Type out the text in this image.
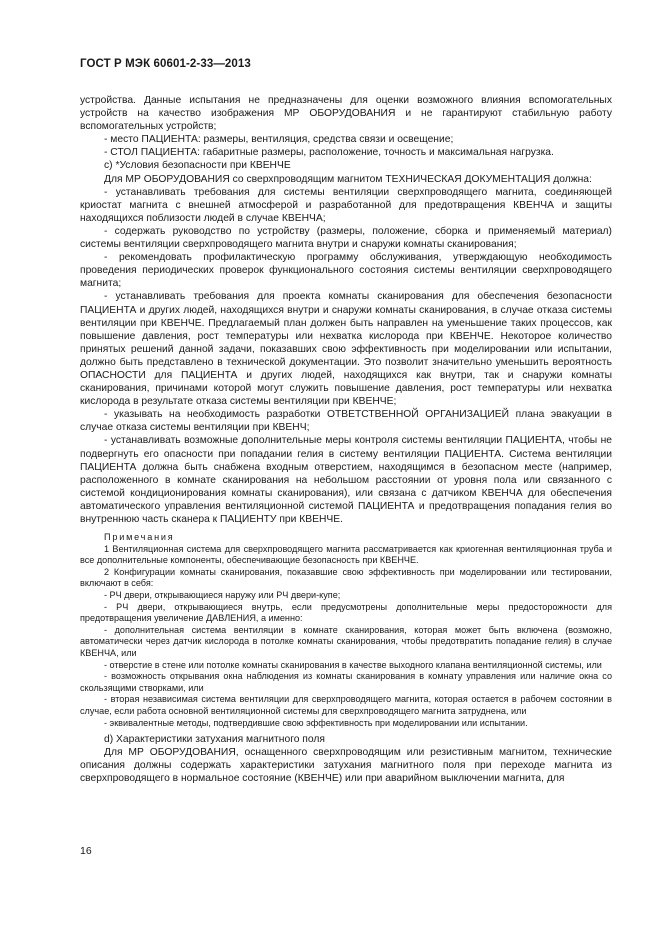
ГОСТ Р МЭК 60601-2-33—2013

устройства. Данные испытания не предназначены для оценки возможного влияния вспомогательных устройств на качество изображения МР ОБОРУДОВАНИЯ и не гарантируют стабильную работу вспомогательных устройств;

- место ПАЦИЕНТА: размеры, вентиляция, средства связи и освещение;

- СТОЛ ПАЦИЕНТА: габаритные размеры, расположение, точность и максимальная нагрузка.

c) *Условия безопасности при КВЕНЧЕ

Для МР ОБОРУДОВАНИЯ со сверхпроводящим магнитом ТЕХНИЧЕСКАЯ ДОКУМЕНТАЦИЯ должна:

- устанавливать требования для системы вентиляции сверхпроводящего магнита, соединяющей криостат магнита с внешней атмосферой и разработанной для предотвращения КВЕНЧА и защиты находящихся поблизости людей в случае КВЕНЧА;

- содержать руководство по устройству (размеры, положение, сборка и применяемый материал) системы вентиляции сверхпроводящего магнита внутри и снаружи комнаты сканирования;

- рекомендовать профилактическую программу обслуживания, утверждающую необходимость проведения периодических проверок функционального состояния системы вентиляции сверхпроводящего магнита;

- устанавливать требования для проекта комнаты сканирования для обеспечения безопасности ПАЦИЕНТА и других людей, находящихся внутри и снаружи комнаты сканирования, в случае отказа системы вентиляции при КВЕНЧЕ. Предлагаемый план должен быть направлен на уменьшение таких процессов, как повышение давления, рост температуры или нехватка кислорода при КВЕНЧЕ. Некоторое количество принятых решений данной задачи, показавших свою эффективность при моделировании или испытании, должно быть представлено в технической документации. Это позволит значительно уменьшить вероятность ОПАСНОСТИ для ПАЦИЕНТА и других людей, находящихся как внутри, так и снаружи комнаты сканирования, причинами которой могут служить повышение давления, рост температуры или нехватка кислорода в результате отказа системы вентиляции при КВЕНЧЕ;

- указывать на необходимость разработки ОТВЕТСТВЕННОЙ ОРГАНИЗАЦИЕЙ плана эвакуации в случае отказа системы вентиляции при КВЕНЧ;

- устанавливать возможные дополнительные меры контроля системы вентиляции ПАЦИЕНТА, чтобы не подвергнуть его опасности при попадании гелия в систему вентиляции ПАЦИЕНТА. Система вентиляции ПАЦИЕНТА должна быть снабжена входным отверстием, находящимся в безопасном месте (например, расположенного в комнате сканирования на небольшом расстоянии от уровня пола или связанного с системой кондиционирования комнаты сканирования), или связана с датчиком КВЕНЧА для обеспечения автоматического управления вентиляционной системой ПАЦИЕНТА и предотвращения попадания гелия во внутреннюю часть сканера к ПАЦИЕНТУ при КВЕНЧЕ.

Примечания

1 Вентиляционная система для сверхпроводящего магнита рассматривается как криогенная вентиляционная труба и все дополнительные компоненты, обеспечивающие безопасность при КВЕНЧЕ.

2 Конфигурации комнаты сканирования, показавшие свою эффективность при моделировании или тестировании, включают в себя:

- РЧ двери, открывающиеся наружу или РЧ двери-купе;

- РЧ двери, открывающиеся внутрь, если предусмотрены дополнительные меры предосторожности для предотвращения увеличение ДАВЛЕНИЯ, а именно:

- дополнительная система вентиляции в комнате сканирования, которая может быть включена (возможно, автоматически через датчик кислорода в потолке комнаты сканирования, чтобы предотвратить попадание гелия) в случае КВЕНЧА, или

- отверстие в стене или потолке комнаты сканирования в качестве выходного клапана вентиляционной системы, или

- возможность открывания окна наблюдения из комнаты сканирования в комнату управления или наличие окна со скользящими створками, или

- вторая независимая система вентиляции для сверхпроводящего магнита, которая остается в рабочем состоянии в случае, если работа основной вентиляционной системы для сверхпроводящего магнита затруднена, или

- эквивалентные методы, подтвердившие свою эффективность при моделировании или испытании.

d) Характеристики затухания магнитного поля

Для МР ОБОРУДОВАНИЯ, оснащенного сверхпроводящим или резистивным магнитом, технические описания должны содержать характеристики затухания магнитного поля при переходе магнита из сверхпроводящего в нормальное состояние (КВЕНЧЕ) или при аварийном выключении магнита, для

16
